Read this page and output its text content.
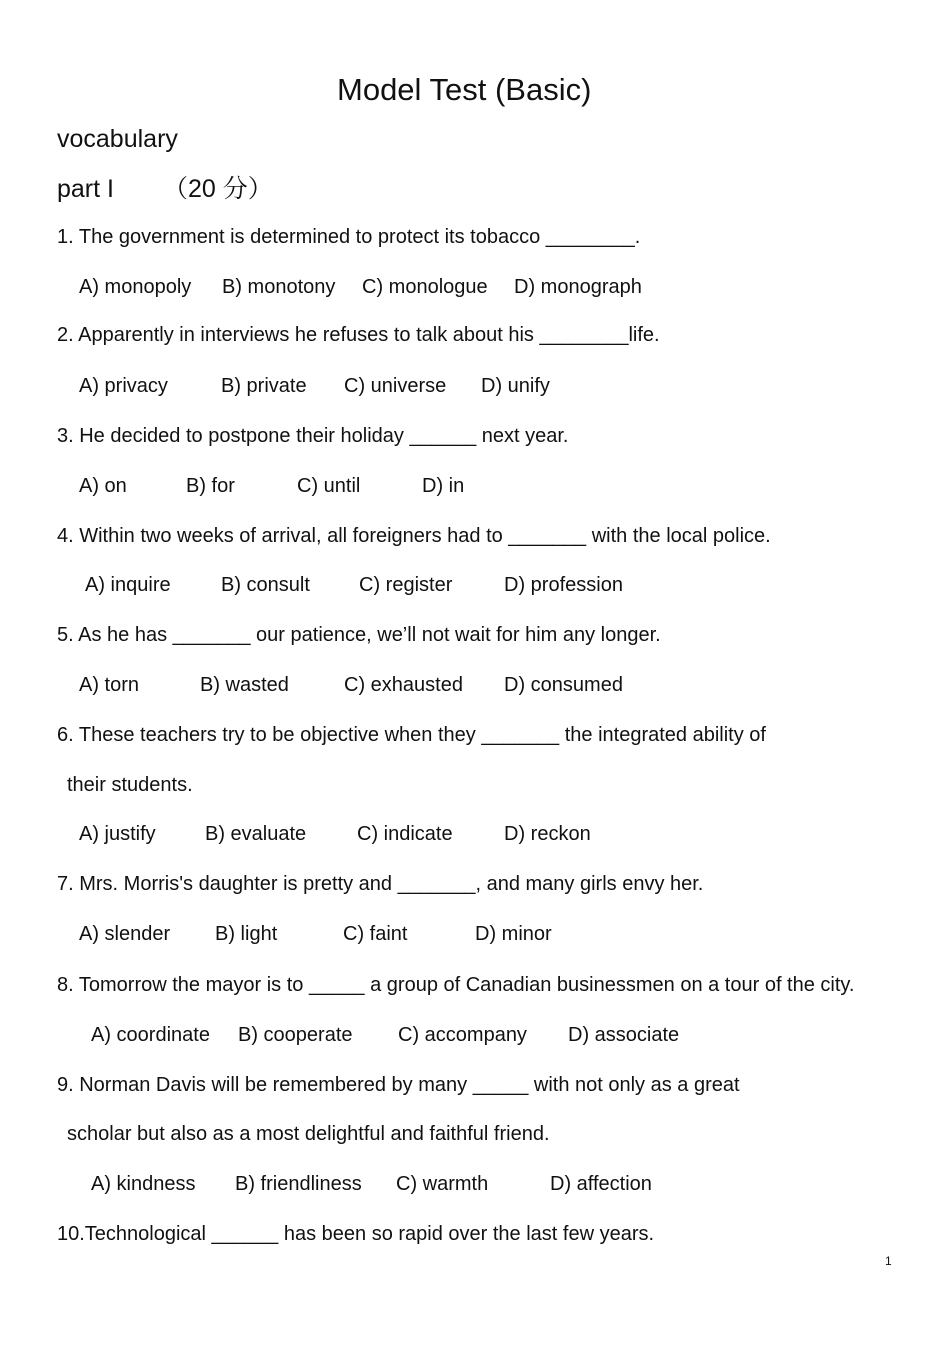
Model Test (Basic)
vocabulary
part I （20 分）
1. The government is determined to protect its tobacco ________.
A) monopoly B) monotony C) monologue D) monograph
2. Apparently in interviews he refuses to talk about his ________life.
A) privacy	B) private C) universe D) unify
3. He decided to postpone their holiday ______ next year.
A) on	B) for	C) until	D) in
4. Within two weeks of arrival, all foreigners had to _______ with the local police.
A) inquire	B) consult C) register	D) profession
5. As he has _______ our patience, we’ll not wait for him any longer.
A) torn	B) wasted	C) exhausted D) consumed
6. These teachers try to be objective when they _______ the integrated ability of
their students.
A) justify B) evaluate	C) indicate	D) reckon
7. Mrs. Morris's daughter is pretty and _______, and many girls envy her.
A) slender B) light	C) faint	D) minor
8. Tomorrow the mayor is to _____ a group of Canadian businessmen on a tour of the city.
A) coordinate B) cooperate C) accompany D) associate
9. Norman Davis will be remembered by many _____ with not only as a great
scholar but also as a most delightful and faithful friend.
A) kindness B) friendliness C) warmth	D) affection
10.Technological ______ has been so rapid over the last few years.
1
